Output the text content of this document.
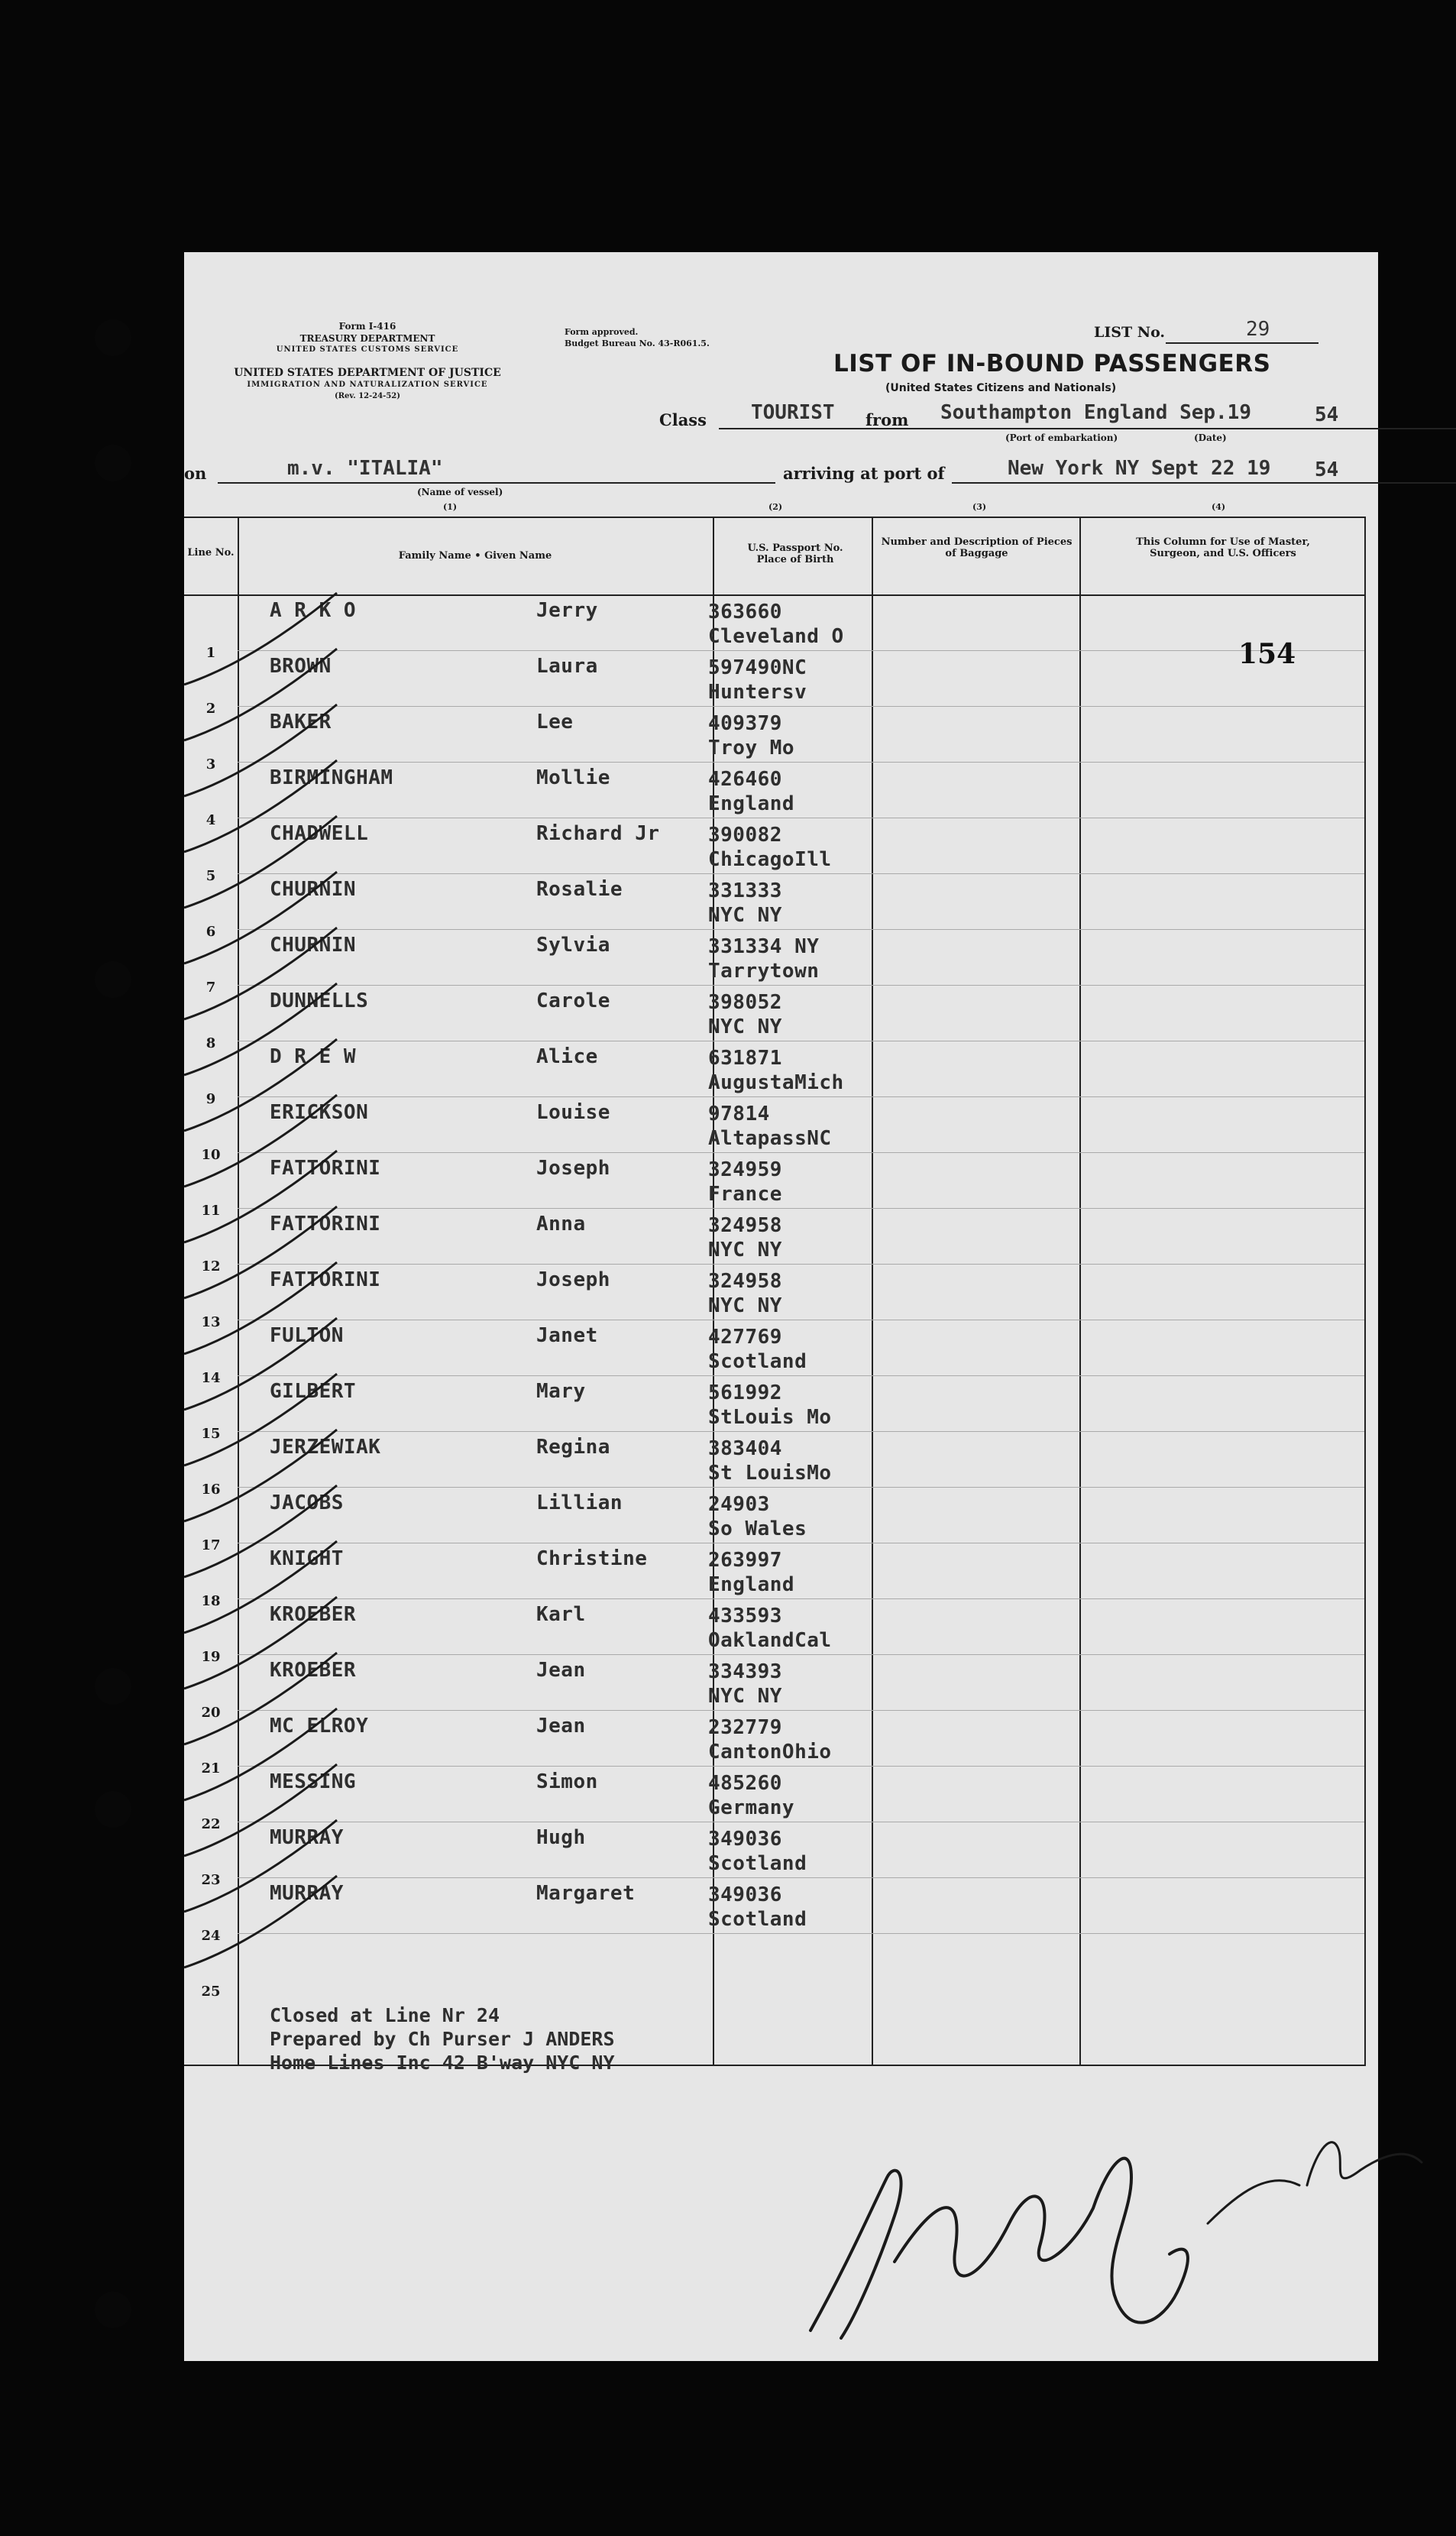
Form I-416
TREASURY DEPARTMENT
UNITED STATES CUSTOMS SERVICE
UNITED STATES DEPARTMENT OF JUSTICE
IMMIGRATION AND NATURALIZATION SERVICE
(Rev. 12-24-52)
Form approved.
Budget Bureau No. 43-R061.5.
LIST No.	29
LIST OF IN-BOUND PASSENGERS
(United States Citizens and Nationals)
Class TOURIST from Southampton England Sep.19	54
(Port of embarkation)	(Date)
on	m.v. "ITALIA"	arriving at port of	New York NY Sept 22 19 54
(Name of vessel)
(1)	(2)	(3)	(4)
Line No.	Family Name • Given Name
U.S. Passport No. Place of Birth
Number and Description of Pieces of Baggage
This Column for Use of Master, Surgeon, and U.S. Officers
1
A R K O	Jerry	363660
Cleveland O
2
BROWN	Laura	597490NC
Huntersv
3
BAKER	Lee	409379
Troy Mo
4
BIRMINGHAM	Mollie	426460
England
5
CHADWELL	Richard Jr 390082
ChicagoIll
6
CHURNIN	Rosalie	331333
NYC NY
7
CHURNIN	Sylvia	331334 NY
Tarrytown
8
DUNNELLS	Carole	398052
NYC NY
9
D R E W	Alice	631871
AugustaMich
10
ERICKSON	Louise	97814
AltapassNC
11
FATTORINI	Joseph	324959
France
12
FATTORINI	Anna	324958
NYC NY
13
FATTORINI	Joseph	324958
NYC NY
14
FULTON	Janet	427769
Scotland
15
GILBERT	Mary	561992
StLouis Mo
16
JERZEWIAK	Regina	383404
St LouisMo
17
JACOBS	Lillian	24903
So Wales
18
KNIGHT	Christine	263997
England
19
KROEBER	Karl	433593
OaklandCal
20
KROEBER	Jean	334393
NYC NY
21
MC ELROY	Jean	232779
CantonOhio
22
MESSING	Simon	485260
Germany
23
MURRAY	Hugh	349036
Scotland
24
MURRAY	Margaret	349036
Scotland
25
Closed at Line Nr 24
Prepared by Ch Purser J ANDERS
Home Lines Inc 42 B'way NYC NY
154
